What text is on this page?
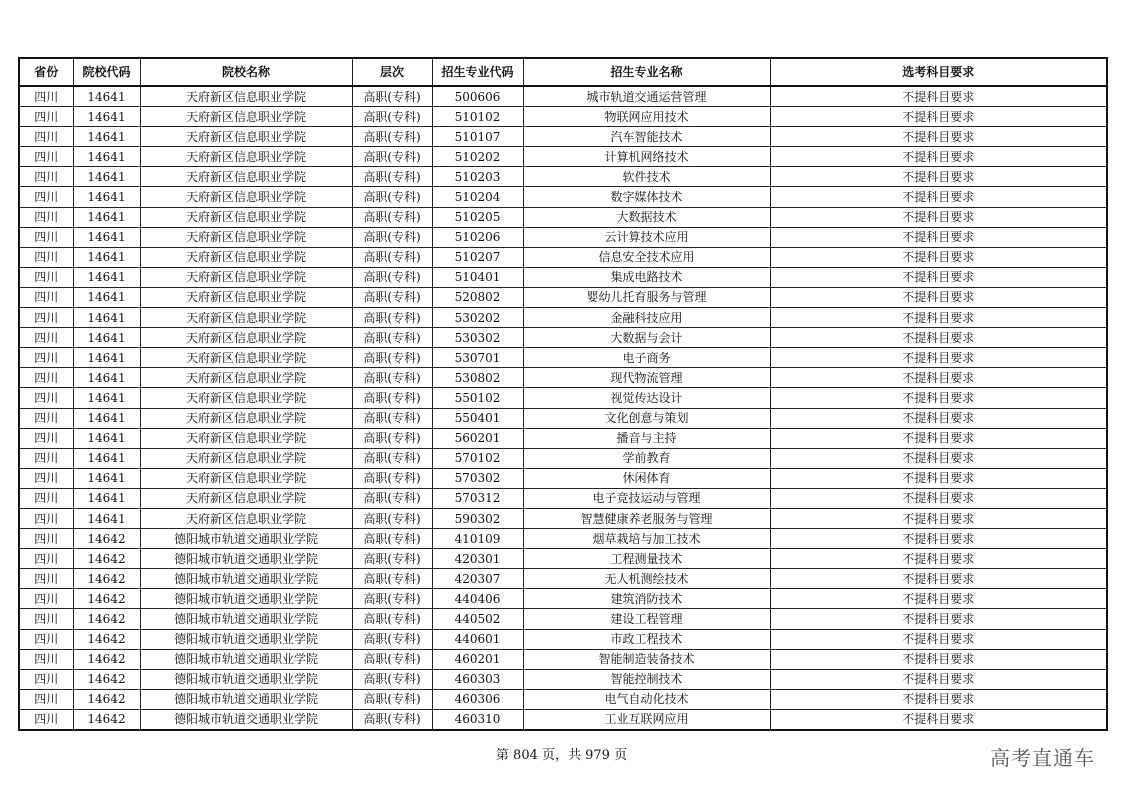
省份	院校代码	院校名称	层次	招生专业代码	招生专业名称	选考科目要求
四川	14641	天府新区信息职业学院	高职(专科)	500606	城市轨道交通运营管理	不提科目要求
四川	14641	天府新区信息职业学院	高职(专科)	510102	物联网应用技术	不提科目要求
四川	14641	天府新区信息职业学院	高职(专科)	510107	汽车智能技术	不提科目要求
四川	14641	天府新区信息职业学院	高职(专科)	510202	计算机网络技术	不提科目要求
四川	14641	天府新区信息职业学院	高职(专科)	510203	软件技术	不提科目要求
四川	14641	天府新区信息职业学院	高职(专科)	510204	数字媒体技术	不提科目要求
四川	14641	天府新区信息职业学院	高职(专科)	510205	大数据技术	不提科目要求
四川	14641	天府新区信息职业学院	高职(专科)	510206	云计算技术应用	不提科目要求
四川	14641	天府新区信息职业学院	高职(专科)	510207	信息安全技术应用	不提科目要求
四川	14641	天府新区信息职业学院	高职(专科)	510401	集成电路技术	不提科目要求
四川	14641	天府新区信息职业学院	高职(专科)	520802	婴幼儿托育服务与管理	不提科目要求
四川	14641	天府新区信息职业学院	高职(专科)	530202	金融科技应用	不提科目要求
四川	14641	天府新区信息职业学院	高职(专科)	530302	大数据与会计	不提科目要求
四川	14641	天府新区信息职业学院	高职(专科)	530701	电子商务	不提科目要求
四川	14641	天府新区信息职业学院	高职(专科)	530802	现代物流管理	不提科目要求
四川	14641	天府新区信息职业学院	高职(专科)	550102	视觉传达设计	不提科目要求
四川	14641	天府新区信息职业学院	高职(专科)	550401	文化创意与策划	不提科目要求
四川	14641	天府新区信息职业学院	高职(专科)	560201	播音与主持	不提科目要求
四川	14641	天府新区信息职业学院	高职(专科)	570102	学前教育	不提科目要求
四川	14641	天府新区信息职业学院	高职(专科)	570302	休闲体育	不提科目要求
四川	14641	天府新区信息职业学院	高职(专科)	570312	电子竞技运动与管理	不提科目要求
四川	14641	天府新区信息职业学院	高职(专科)	590302	智慧健康养老服务与管理	不提科目要求
四川	14642	德阳城市轨道交通职业学院	高职(专科)	410109	烟草栽培与加工技术	不提科目要求
四川	14642	德阳城市轨道交通职业学院	高职(专科)	420301	工程测量技术	不提科目要求
四川	14642	德阳城市轨道交通职业学院	高职(专科)	420307	无人机测绘技术	不提科目要求
四川	14642	德阳城市轨道交通职业学院	高职(专科)	440406	建筑消防技术	不提科目要求
四川	14642	德阳城市轨道交通职业学院	高职(专科)	440502	建设工程管理	不提科目要求
四川	14642	德阳城市轨道交通职业学院	高职(专科)	440601	市政工程技术	不提科目要求
四川	14642	德阳城市轨道交通职业学院	高职(专科)	460201	智能制造装备技术	不提科目要求
四川	14642	德阳城市轨道交通职业学院	高职(专科)	460303	智能控制技术	不提科目要求
四川	14642	德阳城市轨道交通职业学院	高职(专科)	460306	电气自动化技术	不提科目要求
四川	14642	德阳城市轨道交通职业学院	高职(专科)	460310	工业互联网应用	不提科目要求
第 804 页，共 979 页	高考直通车
